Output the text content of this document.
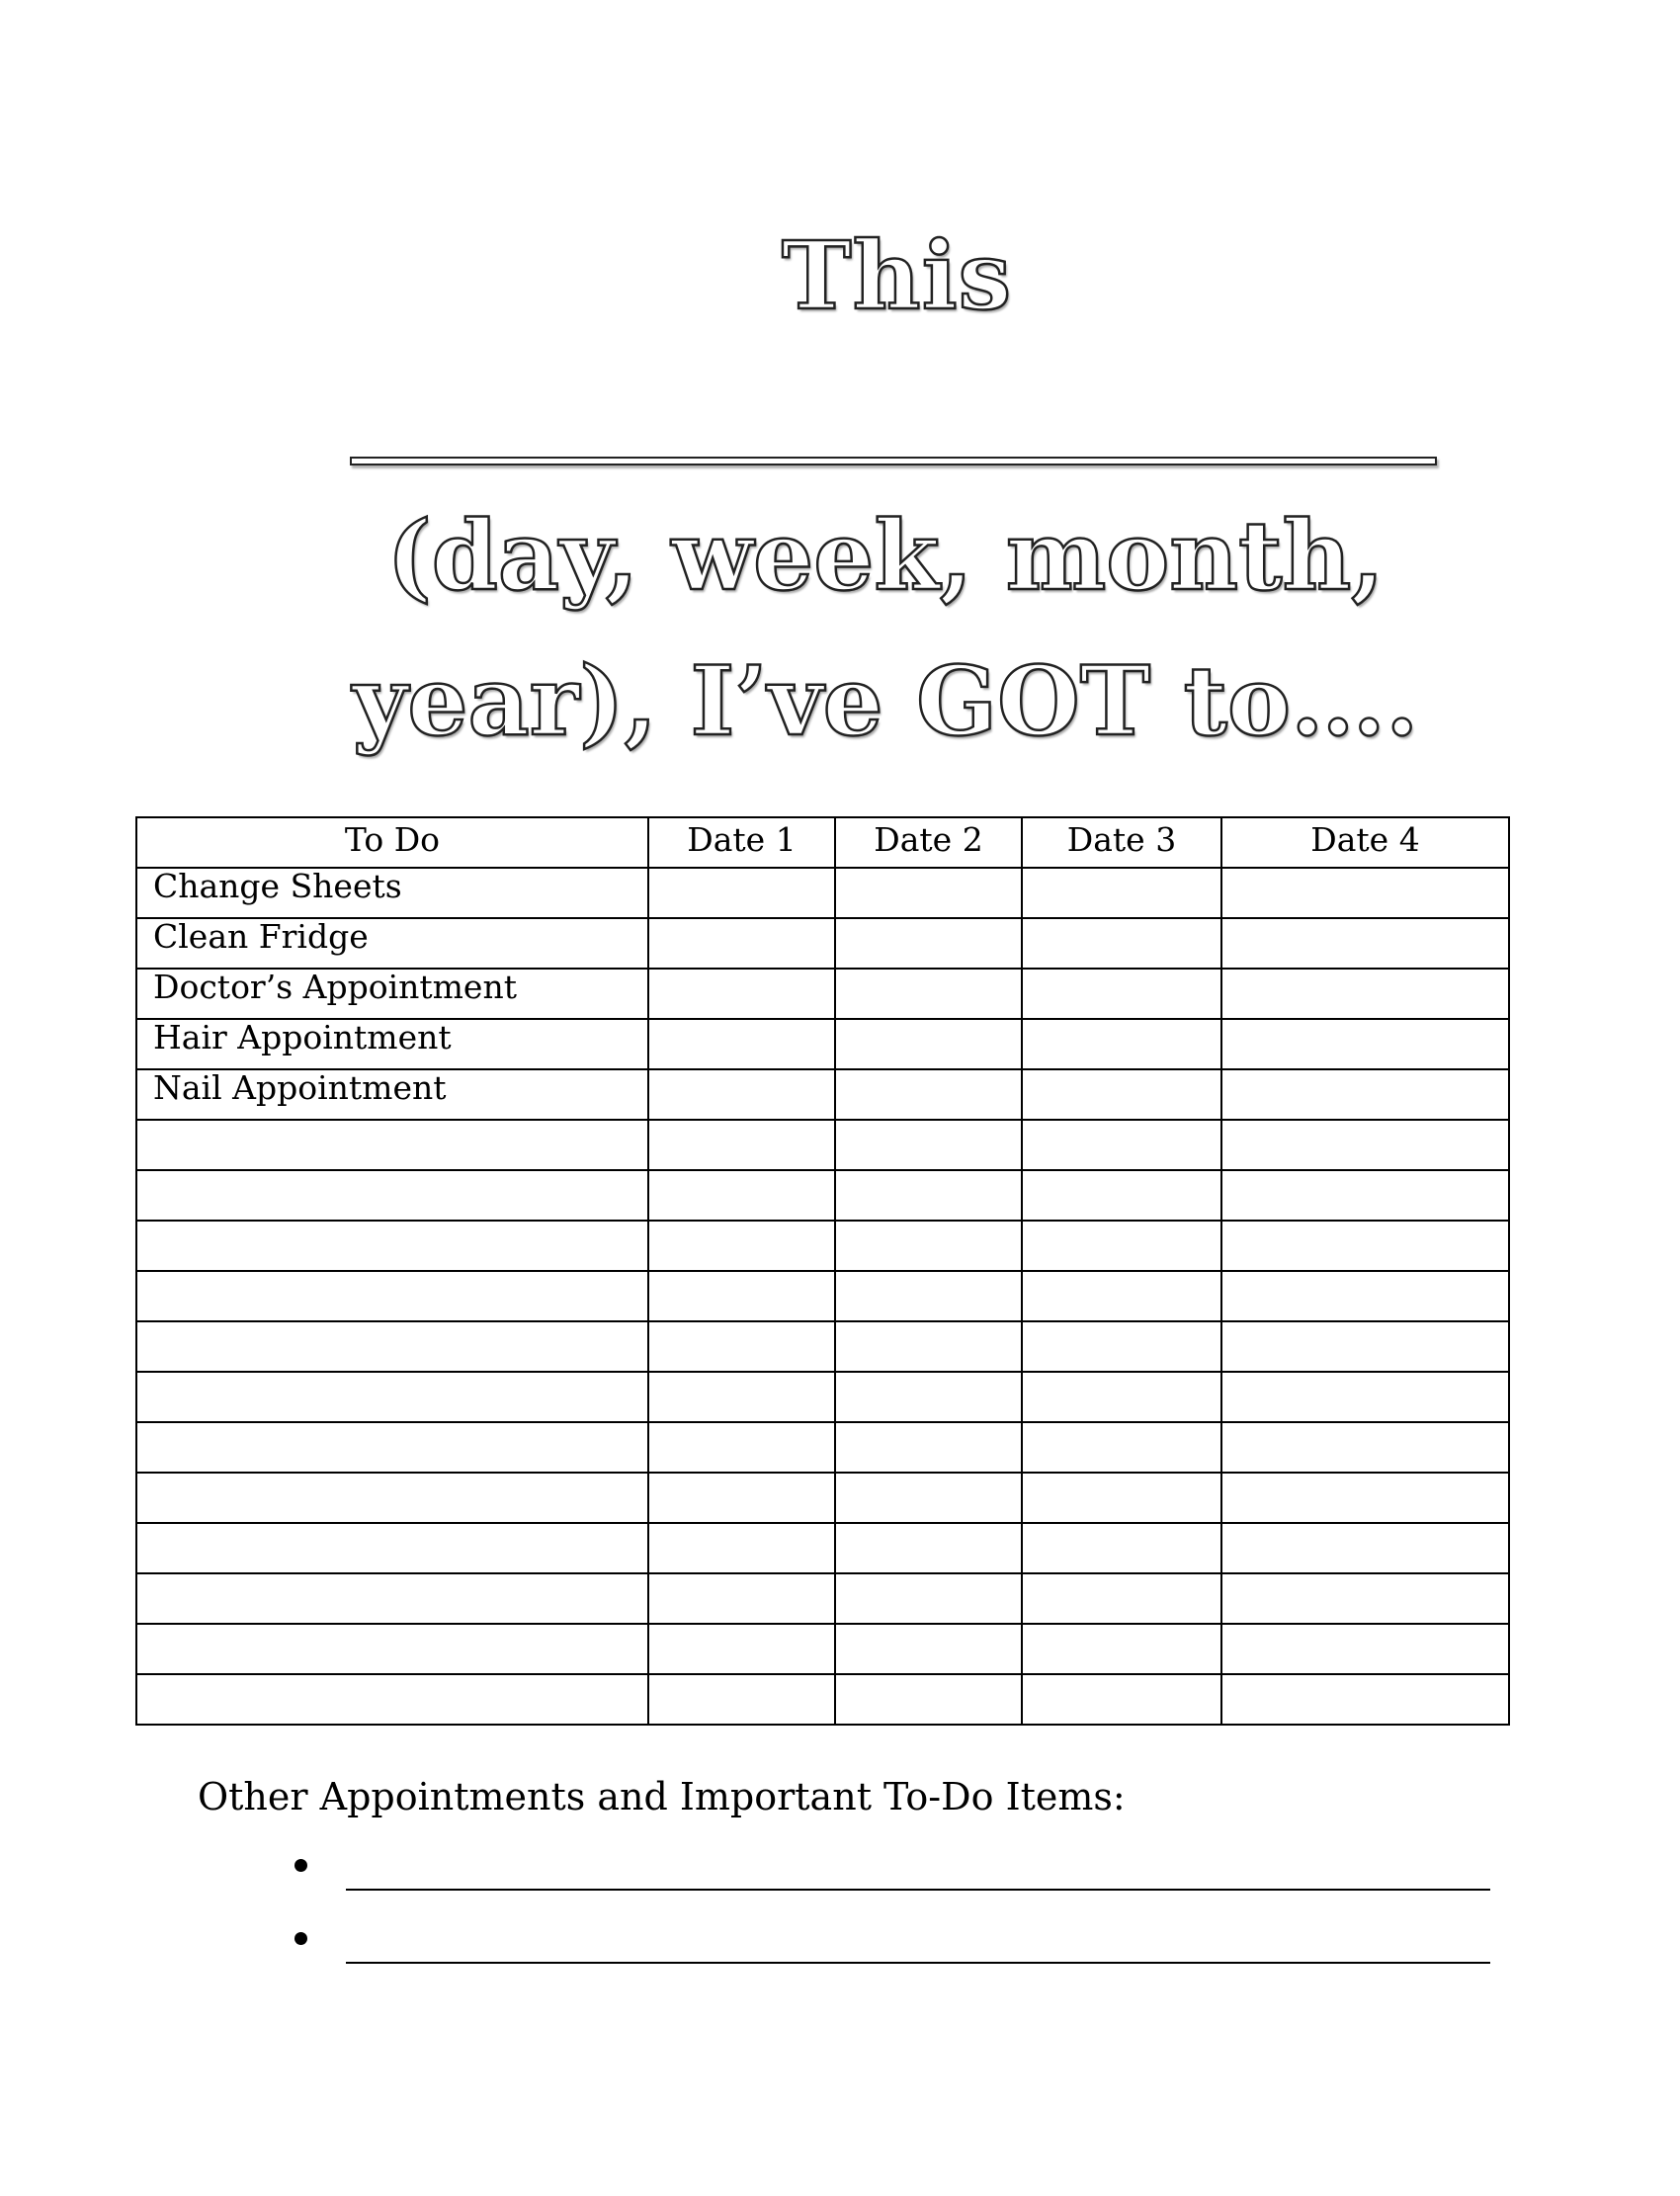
This
(day, week, month,
year), I’ve GOT to….
To Do	Date 1	Date 2	Date 3	Date 4
Change Sheets				
Clean Fridge				
Doctor’s Appointment				
Hair Appointment				
Nail Appointment				

Other Appointments and Important To-Do Items:
